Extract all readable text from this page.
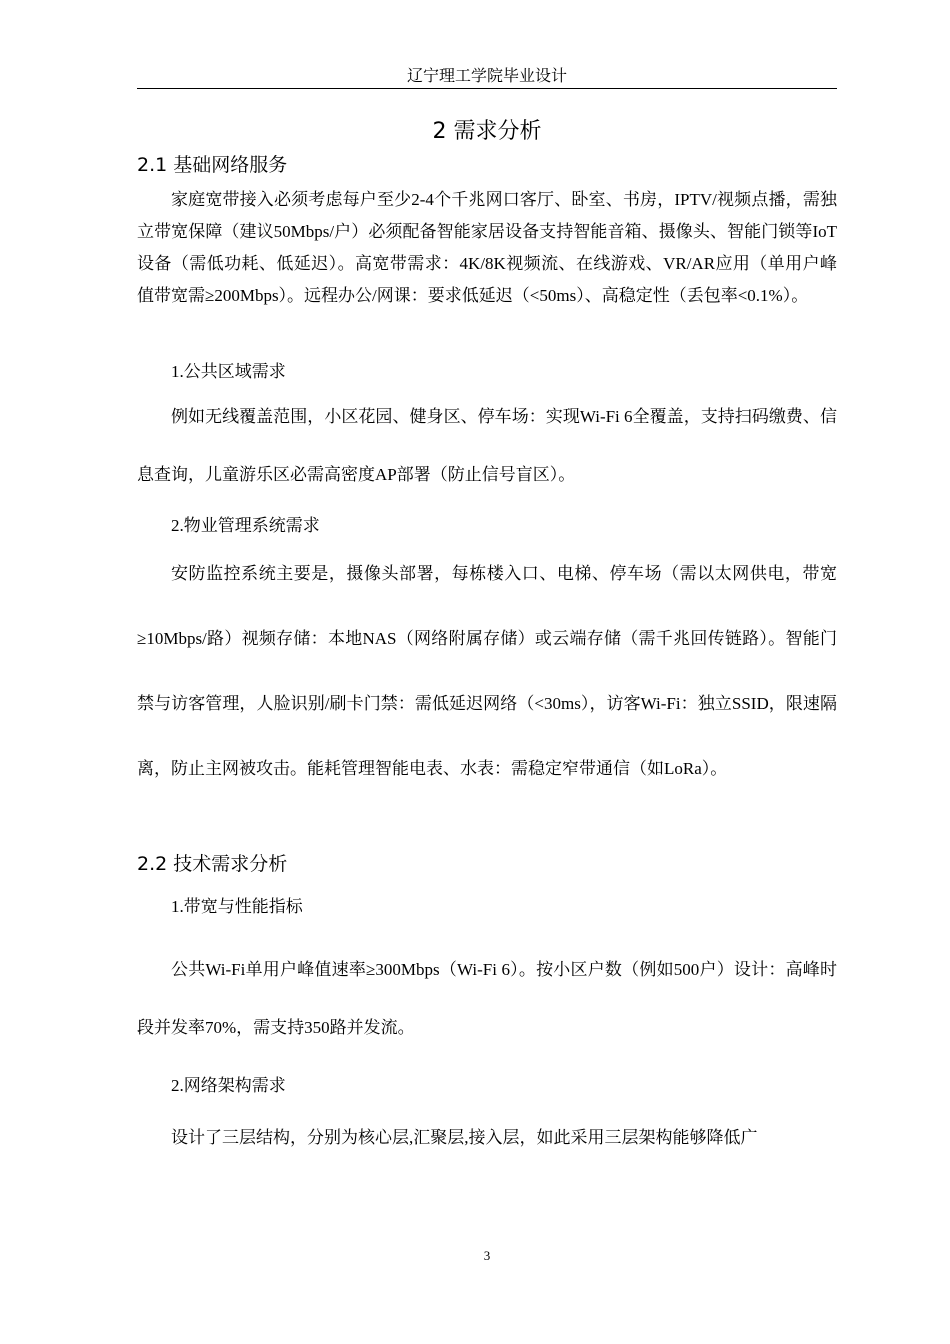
辽宁理工学院毕业设计
2 需求分析
2.1 基础网络服务

家庭宽带接入必须考虑每户至少2-4个千兆网口客厅、卧室、书房，IPTV/视频点播，需独立带宽保障（建议50Mbps/户）必须配备智能家居设备支持智能音箱、摄像头、智能门锁等IoT设备（需低功耗、低延迟）。高宽带需求：4K/8K视频流、在线游戏、VR/AR应用（单用户峰值带宽需≥200Mbps）。远程办公/网课：要求低延迟（<50ms）、高稳定性（丢包率<0.1%）。

1.公共区域需求

例如无线覆盖范围，小区花园、健身区、停车场：实现Wi-Fi 6全覆盖，支持扫码缴费、信息查询，儿童游乐区必需高密度AP部署（防止信号盲区）。

2.物业管理系统需求

安防监控系统主要是，摄像头部署，每栋楼入口、电梯、停车场（需以太网供电，带宽≥10Mbps/路）视频存储：本地NAS（网络附属存储）或云端存储（需千兆回传链路）。智能门禁与访客管理，人脸识别/刷卡门禁：需低延迟网络（<30ms），访客Wi-Fi：独立SSID，限速隔离，防止主网被攻击。能耗管理智能电表、水表：需稳定窄带通信（如LoRa）。

2.2 技术需求分析
1.带宽与性能指标

公共Wi-Fi单用户峰值速率≥300Mbps（Wi-Fi 6）。按小区户数（例如500户）设计：高峰时段并发率70%，需支持350路并发流。

2.网络架构需求

设计了三层结构，分别为核心层,汇聚层,接入层，如此采用三层架构能够降低广

3
